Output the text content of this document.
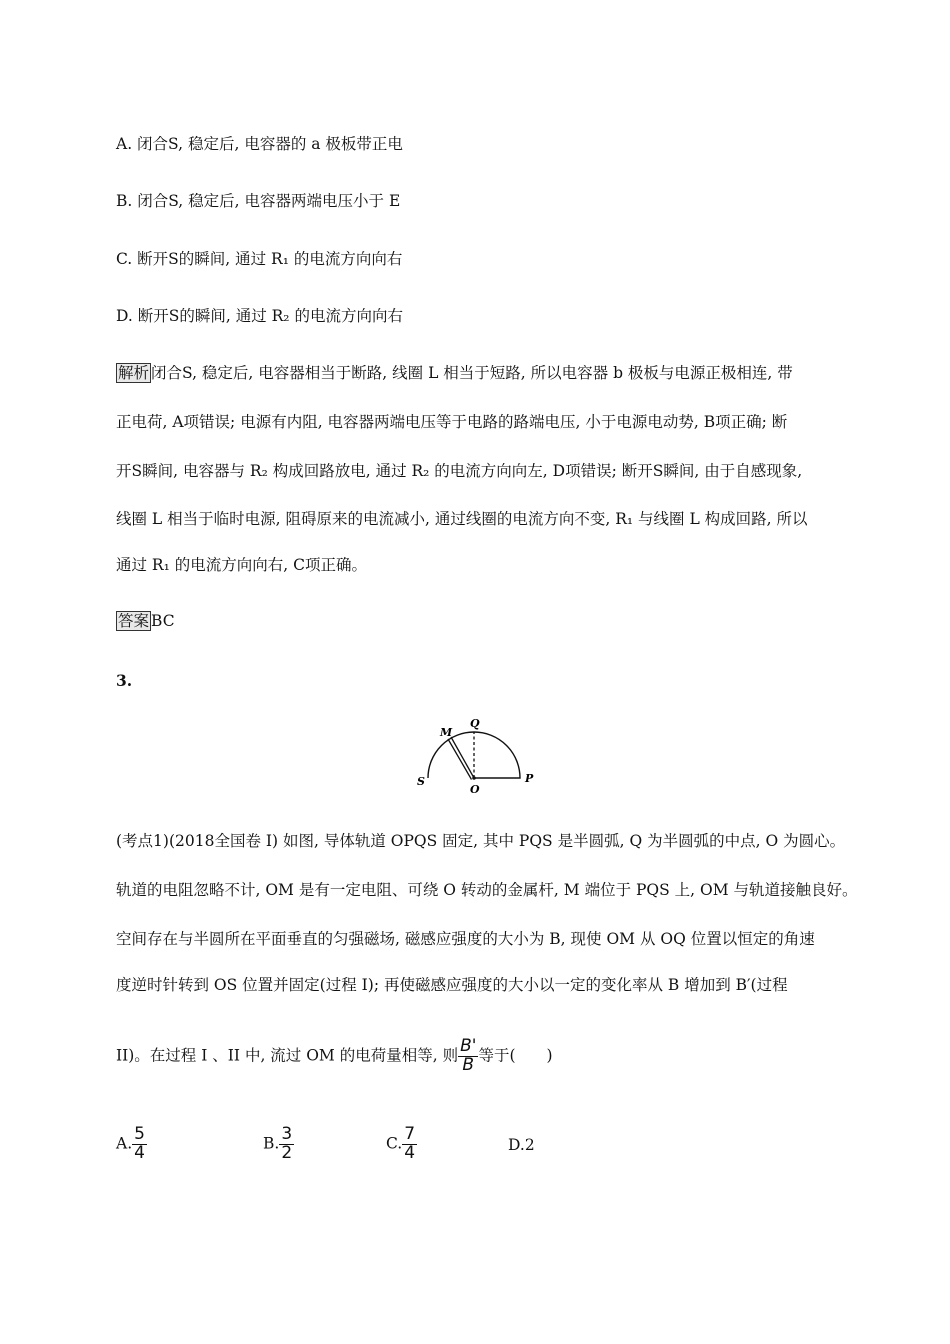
A. 闭合S, 稳定后, 电容器的 a 极板带正电
B. 闭合S, 稳定后, 电容器两端电压小于 E
C. 断开S的瞬间, 通过 R₁ 的电流方向向右
D. 断开S的瞬间, 通过 R₂ 的电流方向向右
解析 闭合S, 稳定后, 电容器相当于断路, 线圈 L 相当于短路, 所以电容器 b 极板与电源正极相连, 带
正电荷, A项错误; 电源有内阻, 电容器两端电压等于电路的路端电压, 小于电源电动势, B项正确; 断
开S瞬间, 电容器与 R₂ 构成回路放电, 通过 R₂ 的电流方向向左, D项错误; 断开S瞬间, 由于自感现象,
线圈 L 相当于临时电源, 阻碍原来的电流减小, 通过线圈的电流方向不变, R₁ 与线圈 L 构成回路, 所以
通过 R₁ 的电流方向向右, C项正确。
答案 BC
3.
M
Q
S
O
P
(考点1)(2018全国卷 I) 如图, 导体轨道 OPQS 固定, 其中 PQS 是半圆弧, Q 为半圆弧的中点, O 为圆心。
轨道的电阻忽略不计, OM 是有一定电阻、可绕 O 转动的金属杆, M 端位于 PQS 上, OM 与轨道接触良好。
空间存在与半圆所在平面垂直的匀强磁场, 磁感应强度的大小为 B, 现使 OM 从 OQ 位置以恒定的角速
度逆时针转到 OS 位置并固定(过程 I); 再使磁感应强度的大小以一定的变化率从 B 增加到 B′(过程
II)。在过程 I 、II 中, 流过 OM 的电荷量相等, 则 $\frac{B'}{B}$ 等于(　　)
A. $\frac{5}{4}$	B. $\frac{3}{2}$	C. $\frac{7}{4}$	D.2
